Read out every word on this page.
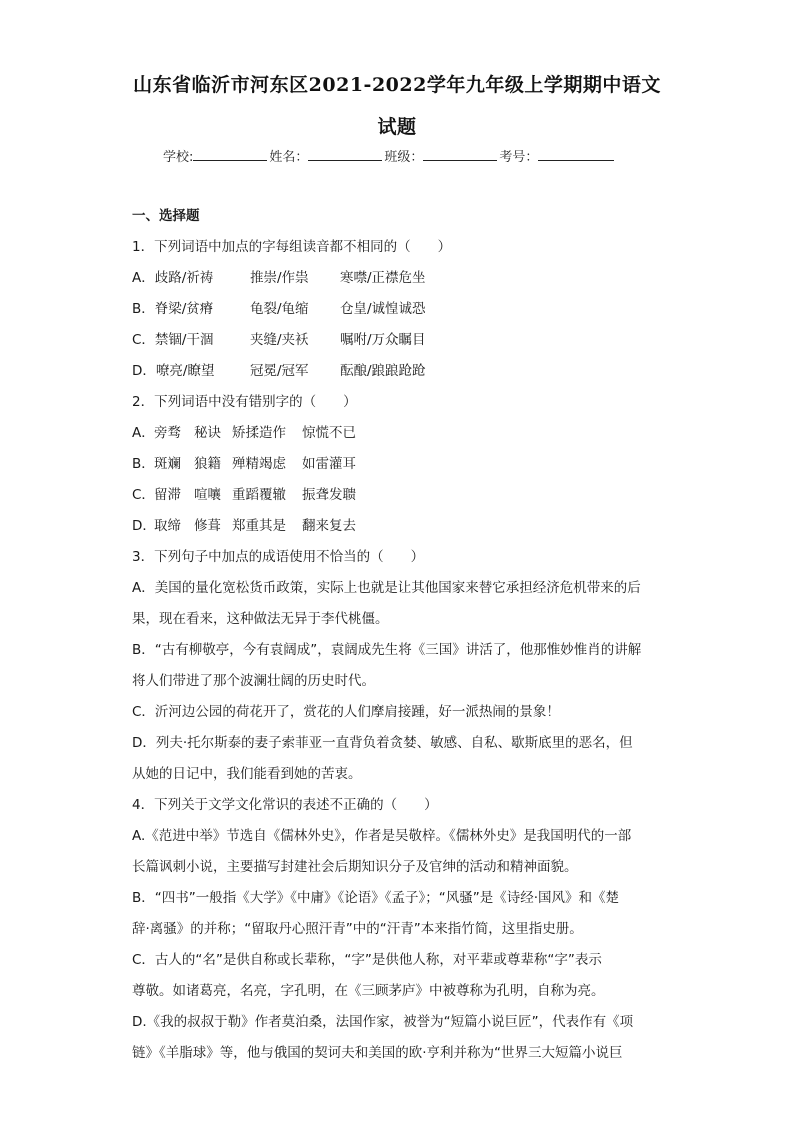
山东省临沂市河东区2021-2022学年九年级上学期期中语文
试题
学校:	姓名：	班级：	考号：
一、选择题
1．下列词语中加点的字每组读音都不相同的（　　）
A．歧路/祈祷	推崇/作祟 寒噤/正襟危坐
B．脊梁/贫瘠	龟裂/龟缩 仓皇/诚惶诚恐
C．禁锢/干涸	夹缝/夹袄 嘱咐/万众瞩目
D．嘹亮/瞭望	冠冕/冠军 酝酿/踉踉跄跄
2．下列词语中没有错别字的（　　）
A．旁骛 秘诀 矫揉造作 惊慌不已
B．斑斓 狼籍 殚精竭虑 如雷灌耳
C．留滞 喧嚷 重蹈覆辙 振聋发聩
D．取缔 修葺 郑重其是 翻来复去
3．下列句子中加点的成语使用不恰当的（　　）
A．美国的量化宽松货币政策，实际上也就是让其他国家来替它承担经济危机带来的后
果，现在看来，这种做法无异于李代桃僵。
B．“古有柳敬亭，今有袁阔成”，袁阔成先生将《三国》讲活了，他那惟妙惟肖的讲解
将人们带进了那个波澜壮阔的历史时代。
C．沂河边公园的荷花开了，赏花的人们摩肩接踵，好一派热闹的景象！
D．列夫·托尔斯泰的妻子索菲亚一直背负着贪婪、敏感、自私、歇斯底里的恶名，但
从她的日记中，我们能看到她的苦衷。
4．下列关于文学文化常识的表述不正确的（　　）
A.《范进中举》节选自《儒林外史》，作者是吴敬梓。《儒林外史》是我国明代的一部
长篇讽刺小说，主要描写封建社会后期知识分子及官绅的活动和精神面貌。
B．“四书”一般指《大学》《中庸》《论语》《孟子》；“风骚”是《诗经·国风》和《楚
辞·离骚》的并称；“留取丹心照汗青”中的“汗青”本来指竹简，这里指史册。
C．古人的“名”是供自称或长辈称，“字”是供他人称，对平辈或尊辈称“字”表示
尊敬。如诸葛亮，名亮，字孔明，在《三顾茅庐》中被尊称为孔明，自称为亮。
D.《我的叔叔于勒》作者莫泊桑，法国作家，被誉为“短篇小说巨匠”，代表作有《项
链》《羊脂球》等，他与俄国的契诃夫和美国的欧·亨利并称为“世界三大短篇小说巨
